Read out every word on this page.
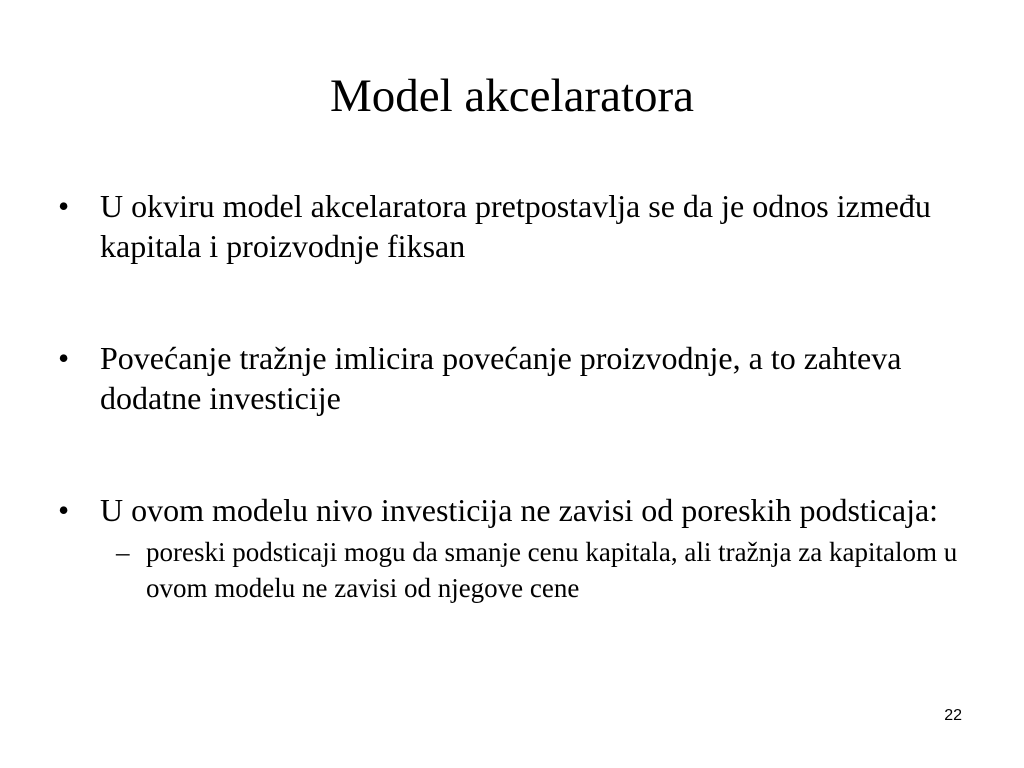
Model akcelaratora
• U okviru model akcelaratora pretpostavlja se da je odnos između kapitala i proizvodnje fiksan
• Povećanje tražnje imlicira povećanje proizvodnje, a to zahteva dodatne investicije
• U ovom modelu nivo investicija ne zavisi od poreskih podsticaja:
– poreski podsticaji mogu da smanje cenu kapitala, ali tražnja za kapitalom u ovom modelu ne zavisi od njegove cene
22
